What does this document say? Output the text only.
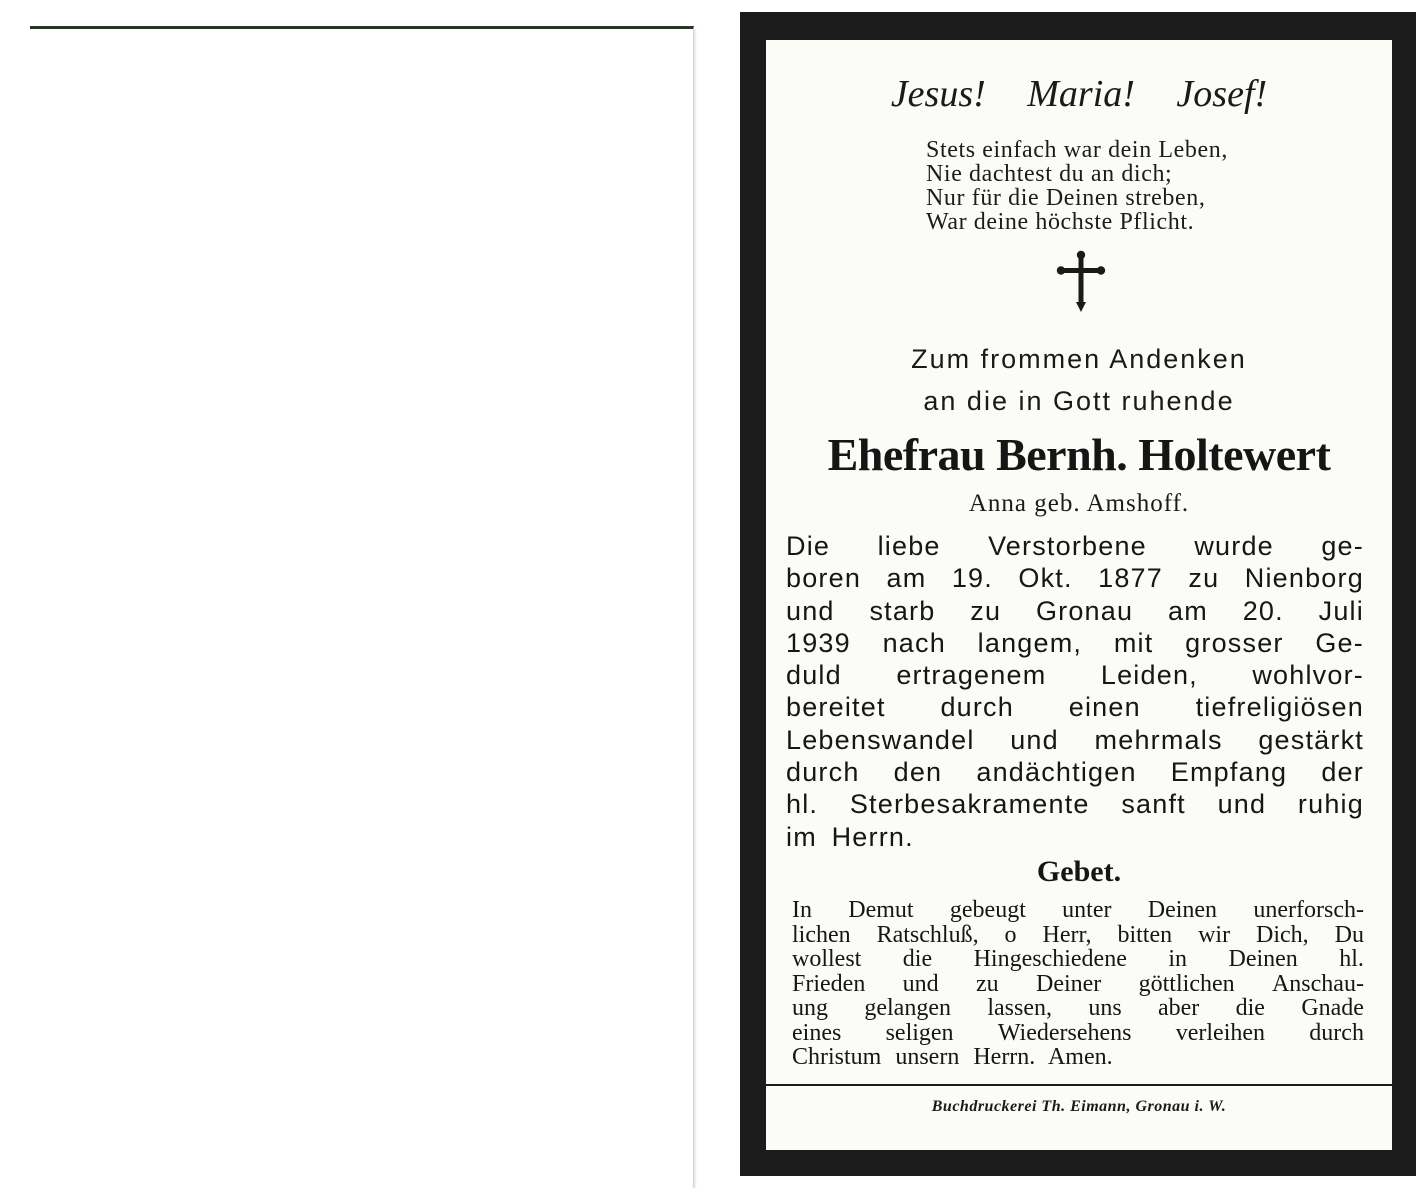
Jesus! Maria! Josef!
Stets einfach war dein Leben,
Nie dachtest du an dich;
Nur für die Deinen streben,
War deine höchste Pflicht.
Zum frommen Andenken
an die in Gott ruhende
Ehefrau Bernh. Holtewert
Anna geb. Amshoff.
Die liebe Verstorbene wurde ge-
boren am 19. Okt. 1877 zu Nienborg
und starb zu Gronau am 20. Juli
1939 nach langem, mit grosser Ge-
duld ertragenem Leiden, wohlvor-
bereitet durch einen tiefreligiösen
Lebenswandel und mehrmals gestärkt
durch den andächtigen Empfang der
hl. Sterbesakramente sanft und ruhig
im Herrn.
Gebet.
In Demut gebeugt unter Deinen unerforsch-
lichen Ratschluß, o Herr, bitten wir Dich, Du
wollest die Hingeschiedene in Deinen hl.
Frieden und zu Deiner göttlichen Anschau-
ung gelangen lassen, uns aber die Gnade
eines seligen Wiedersehens verleihen durch
Christum unsern Herrn. Amen.
Buchdruckerei Th. Eimann, Gronau i. W.
